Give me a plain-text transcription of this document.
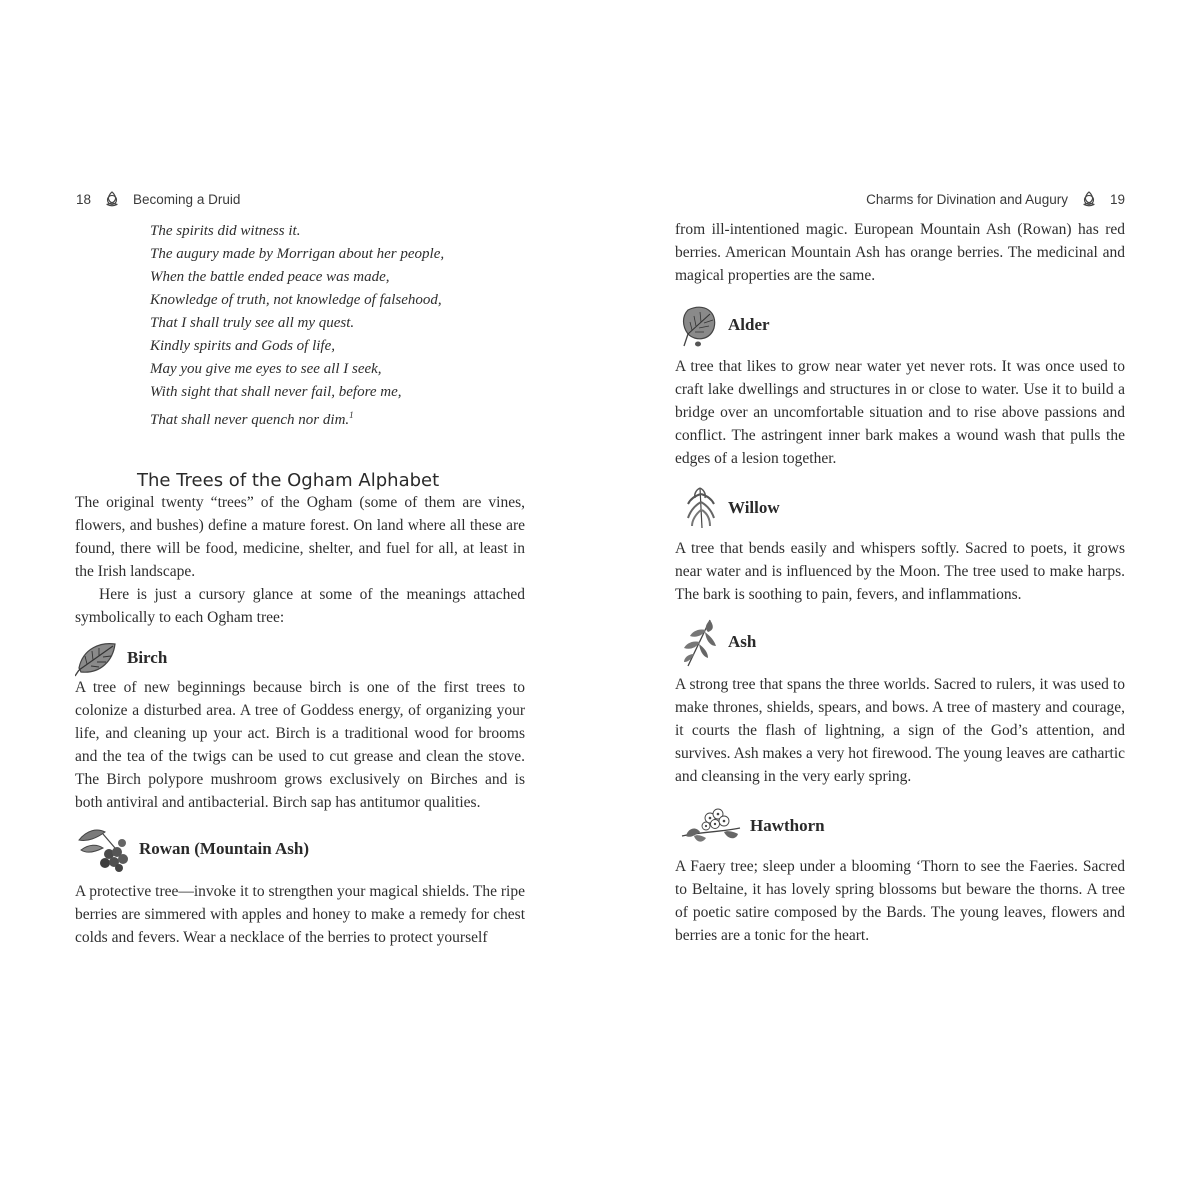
18	Becoming a Druid
The spirits did witness it.
The augury made by Morrigan about her people,
When the battle ended peace was made,
Knowledge of truth, not knowledge of falsehood,
That I shall truly see all my quest.
Kindly spirits and Gods of life,
May you give me eyes to see all I seek,
With sight that shall never fail, before me,
That shall never quench nor dim.$^1$
The Trees of the Ogham Alphabet

The original twenty “trees” of the Ogham (some of them are vines, flowers, and bushes) define a mature forest. On land where all these are found, there will be food, medicine, shelter, and fuel for all, at least in the Irish landscape.

Here is just a cursory glance at some of the meanings attached symbolically to each Ogham tree:

Birch

A tree of new beginnings because birch is one of the first trees to colonize a disturbed area. A tree of Goddess energy, of organizing your life, and cleaning up your act. Birch is a traditional wood for brooms and the tea of the twigs can be used to cut grease and clean the stove. The Birch polypore mushroom grows exclusively on Birches and is both antiviral and antibacterial. Birch sap has antitumor qualities.

Rowan (Mountain Ash)

A protective tree—invoke it to strengthen your magical shields. The ripe berries are simmered with apples and honey to make a remedy for chest colds and fevers. Wear a necklace of the berries to protect yourself

Charms for Divination and Augury	19

from ill-intentioned magic. European Mountain Ash (Rowan) has red berries. American Mountain Ash has orange berries. The medicinal and magical properties are the same.

Alder

A tree that likes to grow near water yet never rots. It was once used to craft lake dwellings and structures in or close to water. Use it to build a bridge over an uncomfortable situation and to rise above passions and conflict. The astringent inner bark makes a wound wash that pulls the edges of a lesion together.

Willow

A tree that bends easily and whispers softly. Sacred to poets, it grows near water and is influenced by the Moon. The tree used to make harps. The bark is soothing to pain, fevers, and inflammations.

Ash

A strong tree that spans the three worlds. Sacred to rulers, it was used to make thrones, shields, spears, and bows. A tree of mastery and courage, it courts the flash of lightning, a sign of the God’s attention, and survives. Ash makes a very hot firewood. The young leaves are cathartic and cleansing in the very early spring.

Hawthorn

A Faery tree; sleep under a blooming ‘Thorn to see the Faeries. Sacred to Beltaine, it has lovely spring blossoms but beware the thorns. A tree of poetic satire composed by the Bards. The young leaves, flowers and berries are a tonic for the heart.
